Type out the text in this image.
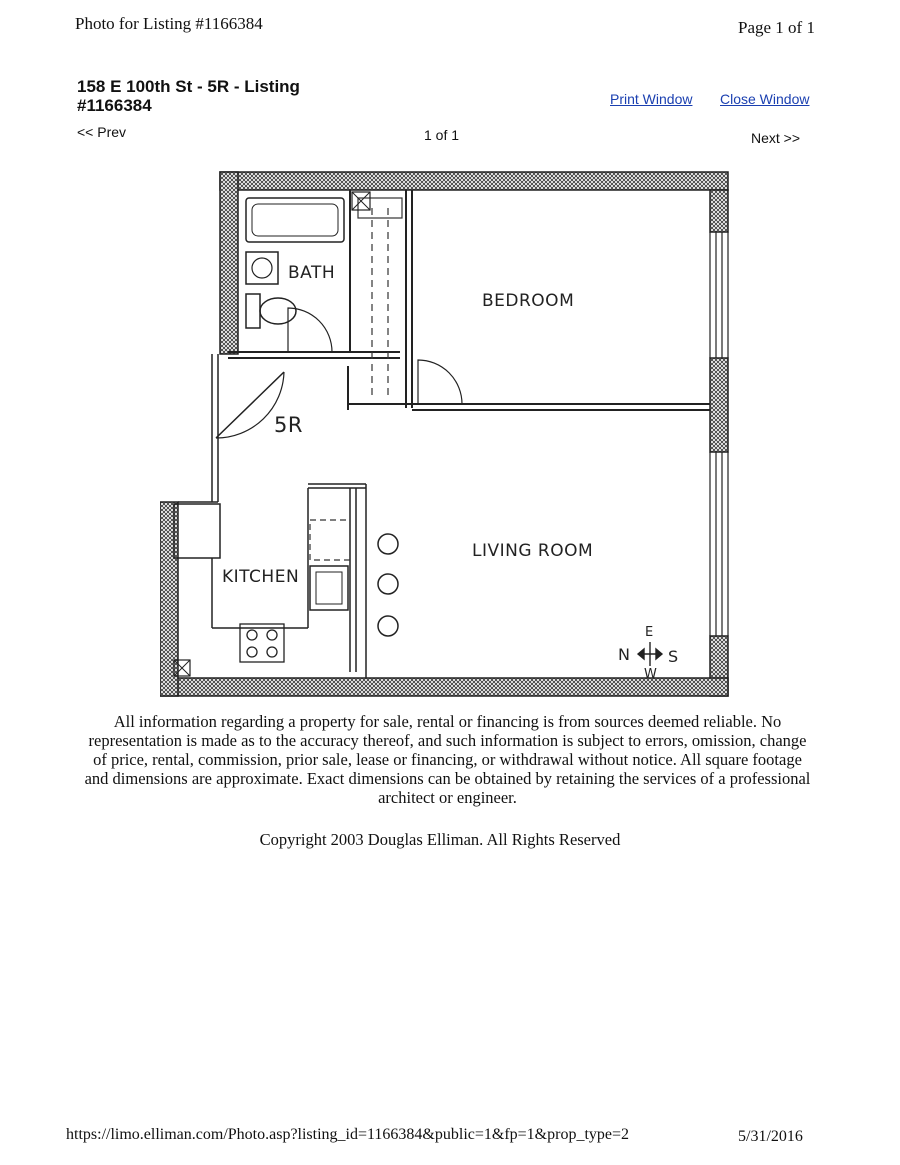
Photo for Listing #1166384	Page 1 of 1
158 E 100th St - 5R - Listing #1166384	Print Window Close Window
<< Prev	1 of 1	Next >>
BATH
BEDROOM
5R
KITCHEN
LIVING ROOM
N
E
S
W
All information regarding a property for sale, rental or financing is from sources deemed reliable. No representation is made as to the accuracy thereof, and such information is subject to errors, omission, change of price, rental, commission, prior sale, lease or financing, or withdrawal without notice. All square footage and dimensions are approximate. Exact dimensions can be obtained by retaining the services of a professional architect or engineer.
Copyright 2003 Douglas Elliman. All Rights Reserved
https://limo.elliman.com/Photo.asp?listing_id=1166384&public=1&fp=1&prop_type=2	5/31/2016
